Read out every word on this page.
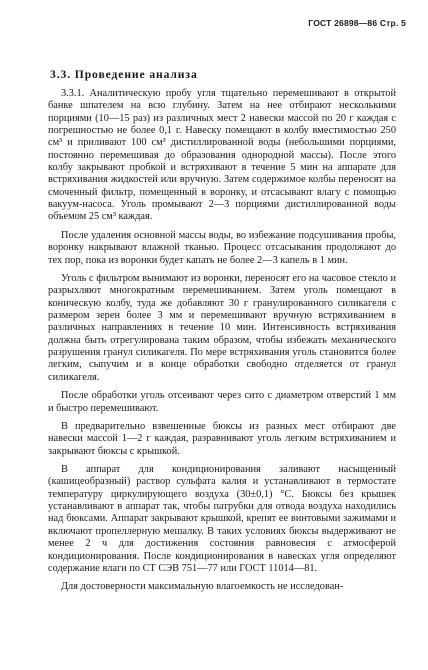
ГОСТ 26898—86 Стр. 5
3.3. Проведение анализа

3.3.1. Аналитическую пробу угля тщательно перемешивают в открытой банке шпателем на всю глубину. Затем на нее отбирают несколькими порциями (10—15 раз) из различных мест 2 навески массой по 20 г каждая с погрешностью не более 0,1 г. Навеску помещают в колбу вместимостью 250 см³ и приливают 100 см³ дистиллированной воды (небольшими порциями, постоянно перемешивая до образования однородной массы). После этого колбу закрывают пробкой и встряхивают в течение 5 мин на аппарате для встряхивания жидкостей или вручную. Затем содержимое колбы переносят на смоченный фильтр, помещенный в воронку, и отсасывают влагу с помощью вакуум-насоса. Уголь промывают 2—3 порциями дистиллированной воды объемом 25 см³ каждая.

После удаления основной массы воды, во избежание подсушивания пробы, воронку накрывают влажной тканью. Процесс отсасывания продолжают до тех пор, пока из воронки будет капать не более 2—3 капель в 1 мин.

Уголь с фильтром вынимают из воронки, переносят его на часовое стекло и разрыхляют многократным перемешиванием. Затем уголь помещают в коническую колбу, туда же добавляют 30 г гранулированного силикагеля с размером зерен более 3 мм и перемешивают вручную встряхиванием в различных направлениях в течение 10 мин. Интенсивность встряхивания должна быть отрегулирована таким образом, чтобы избежать механического разрушения гранул силикагеля. По мере встряхивания уголь становится более легким, сыпучим и в конце обработки свободно отделяется от гранул силикагеля.

После обработки уголь отсеивают через сито с диаметром отверстий 1 мм и быстро перемешивают.

В предварительно взвешенные бюксы из разных мест отбирают две навески массой 1—2 г каждая, разравнивают уголь легким встряхиванием и закрывают бюксы с крышкой.

В аппарат для кондиционирования заливают насыщенный (кашицеобразный) раствор сульфата калия и устанавливают в термостате температуру циркулирующего воздуха (30±0,1) °С. Бюксы без крышек устанавливают в аппарат так, чтобы патрубки для отвода воздуха находились над бюксами. Аппарат закрывают крышкой, крепят ее винтовыми зажимами и включают пропеллерную мешалку. В таких условиях бюксы выдерживают не менее 2 ч для достижения состояния равновесия с атмосферой кондиционирования. После кондиционирования в навесках угля определяют содержание влаги по СТ СЭВ 751—77 или ГОСТ 11014—81.

Для достоверности максимальную влагоемкость не исследован-
